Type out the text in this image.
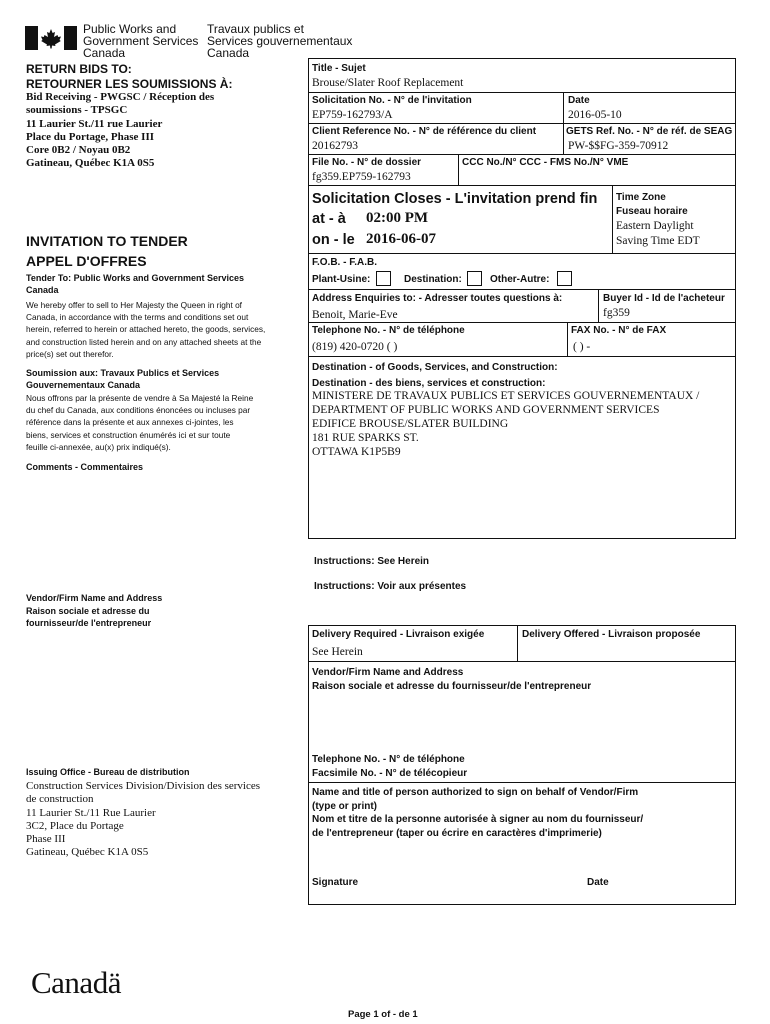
Public Works and
Government Services
Canada
Travaux publics et
Services gouvernementaux
Canada
RETURN BIDS TO:
RETOURNER LES SOUMISSIONS À:
Bid Receiving - PWGSC / Réception des
soumissions - TPSGC
11 Laurier St./11 rue Laurier
Place du Portage, Phase III
Core 0B2 / Noyau 0B2
Gatineau, Québec K1A 0S5
INVITATION TO TENDER
APPEL D'OFFRES
Tender To: Public Works and Government Services Canada
We hereby offer to sell to Her Majesty the Queen in right of Canada, in accordance with the terms and conditions set out herein, referred to herein or attached hereto, the goods, services, and construction listed herein and on any attached sheets at the price(s) set out therefor.
Soumission aux: Travaux Publics et Services Gouvernementaux Canada
Nous offrons par la présente de vendre à Sa Majesté la Reine du chef du Canada, aux conditions énoncées ou incluses par référence dans la présente et aux annexes ci-jointes, les biens, services et construction énumérés ici et sur toute feuille ci-annexée, au(x) prix indiqué(s).
Comments - Commentaires
Vendor/Firm Name and Address
Raison sociale et adresse du
fournisseur/de l'entrepreneur
Issuing Office - Bureau de distribution
Construction Services Division/Division des services
de construction
11 Laurier St./11 Rue Laurier
3C2, Place du Portage
Phase III
Gatineau, Québec K1A 0S5
Title - Sujet
Brouse/Slater Roof Replacement
Solicitation No. - N° de l'invitation
EP759-162793/A
Date
2016-05-10
Client Reference No. - N° de référence du client
20162793
GETS Ref. No. - N° de réf. de SEAG
PW-$$FG-359-70912
File No. - N° de dossier
fg359.EP759-162793
CCC No./N° CCC - FMS No./N° VME
Solicitation Closes - L'invitation prend fin
at - à 02:00 PM
on - le 2016-06-07
Time Zone
Fuseau horaire
Eastern Daylight
Saving Time EDT
F.O.B. - F.A.B.
Plant-Usine:	Destination:	Other-Autre:
Address Enquiries to: - Adresser toutes questions à:
Benoit, Marie-Eve
Buyer Id - Id de l'acheteur
fg359
Telephone No. - N° de téléphone
(819) 420-0720 ( )
FAX No. - N° de FAX
( ) -
Destination - of Goods, Services, and Construction:
Destination - des biens, services et construction:
MINISTERE DE TRAVAUX PUBLICS ET SERVICES GOUVERNEMENTAUX /
DEPARTMENT OF PUBLIC WORKS AND GOVERNMENT SERVICES
EDIFICE BROUSE/SLATER BUILDING
181 RUE SPARKS ST.
OTTAWA K1P5B9
Instructions: See Herein
Instructions: Voir aux présentes
Delivery Required - Livraison exigée
See Herein
Delivery Offered - Livraison proposée
Vendor/Firm Name and Address
Raison sociale et adresse du fournisseur/de l'entrepreneur
Telephone No. - N° de téléphone
Facsimile No. - N° de télécopieur
Name and title of person authorized to sign on behalf of Vendor/Firm
(type or print)
Nom et titre de la personne autorisée à signer au nom du fournisseur/
de l'entrepreneur (taper ou écrire en caractères d'imprimerie)
Signature	Date
Canadä
Page 1 of - de 1
